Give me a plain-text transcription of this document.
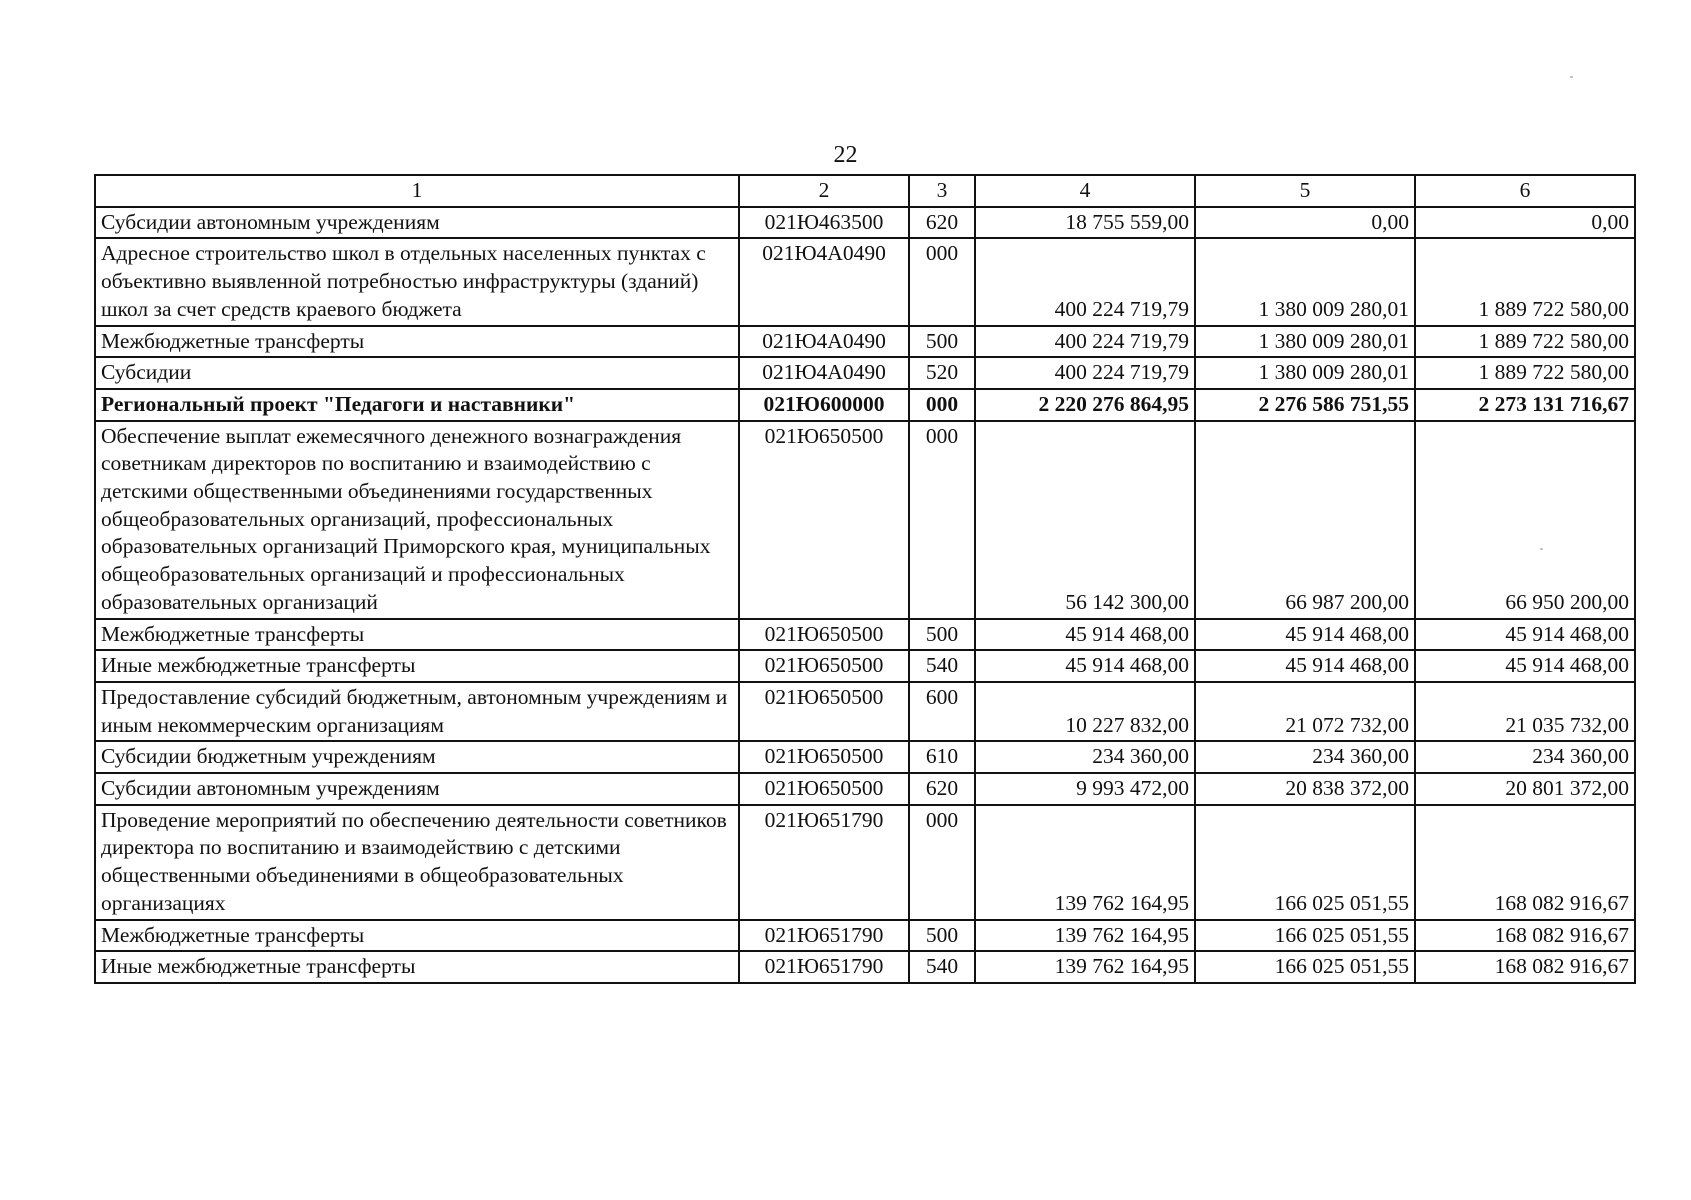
22
1	2	3	4	5	6
Субсидии автономным учреждениям	021Ю463500	620	18 755 559,00	0,00	0,00
Адресное строительство школ в отдельных населенных пунктах с объективно выявленной потребностью инфраструктуры (зданий) школ за счет средств краевого бюджета	021Ю4А0490	000	400 224 719,79	1 380 009 280,01	1 889 722 580,00
Межбюджетные трансферты	021Ю4А0490	500	400 224 719,79	1 380 009 280,01	1 889 722 580,00
Субсидии	021Ю4А0490	520	400 224 719,79	1 380 009 280,01	1 889 722 580,00
Региональный проект "Педагоги и наставники"	021Ю600000	000	2 220 276 864,95	2 276 586 751,55	2 273 131 716,67
Обеспечение выплат ежемесячного денежного вознаграждения советникам директоров по воспитанию и взаимодействию с детскими общественными объединениями государственных общеобразовательных организаций, профессиональных образовательных организаций Приморского края, муниципальных общеобразовательных организаций и профессиональных образовательных организаций	021Ю650500	000	56 142 300,00	66 987 200,00	66 950 200,00
Межбюджетные трансферты	021Ю650500	500	45 914 468,00	45 914 468,00	45 914 468,00
Иные межбюджетные трансферты	021Ю650500	540	45 914 468,00	45 914 468,00	45 914 468,00
Предоставление субсидий бюджетным, автономным учреждениям и иным некоммерческим организациям	021Ю650500	600	10 227 832,00	21 072 732,00	21 035 732,00
Субсидии бюджетным учреждениям	021Ю650500	610	234 360,00	234 360,00	234 360,00
Субсидии автономным учреждениям	021Ю650500	620	9 993 472,00	20 838 372,00	20 801 372,00
Проведение мероприятий по обеспечению деятельности советников директора по воспитанию и взаимодействию с детскими общественными объединениями в общеобразовательных организациях	021Ю651790	000	139 762 164,95	166 025 051,55	168 082 916,67
Межбюджетные трансферты	021Ю651790	500	139 762 164,95	166 025 051,55	168 082 916,67
Иные межбюджетные трансферты	021Ю651790	540	139 762 164,95	166 025 051,55	168 082 916,67
